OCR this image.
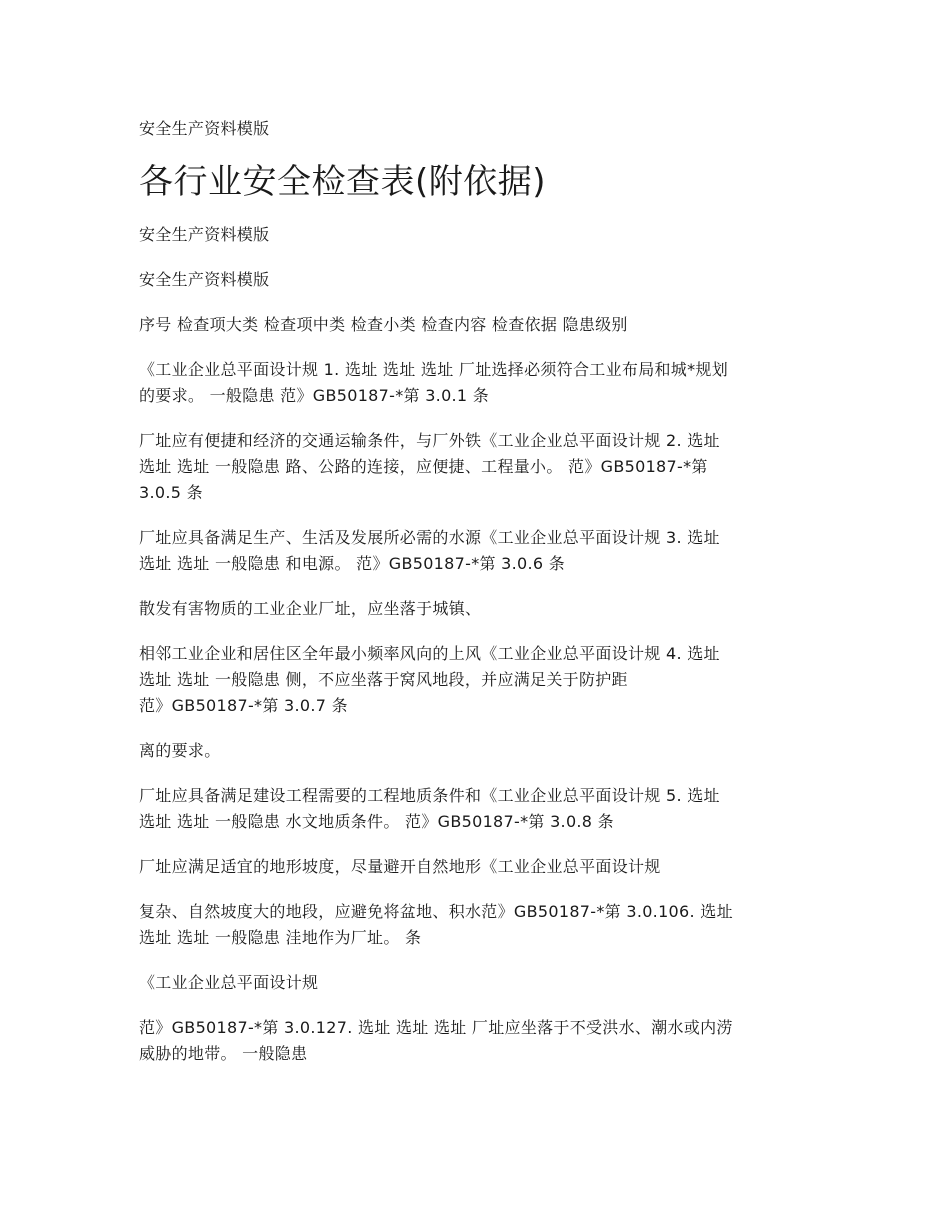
安全生产资料模版
各行业安全检查表(附依据)

安全生产资料模版

安全生产资料模版

序号 检查项大类 检查项中类 检查小类 检查内容 检查依据 隐患级别

《工业企业总平面设计规 1. 选址 选址 选址 厂址选择必须符合工业布局和城*规划
的要求。 一般隐患 范》GB50187-*第 3.0.1 条

厂址应有便捷和经济的交通运输条件，与厂外铁《工业企业总平面设计规 2. 选址
选址 选址 一般隐患 路、公路的连接，应便捷、工程量小。 范》GB50187-*第
3.0.5 条

厂址应具备满足生产、生活及发展所必需的水源《工业企业总平面设计规 3. 选址
选址 选址 一般隐患 和电源。 范》GB50187-*第 3.0.6 条

散发有害物质的工业企业厂址，应坐落于城镇、

相邻工业企业和居住区全年最小频率风向的上风《工业企业总平面设计规 4. 选址
选址 选址 一般隐患 侧，不应坐落于窝风地段，并应满足关于防护距
范》GB50187-*第 3.0.7 条

离的要求。

厂址应具备满足建设工程需要的工程地质条件和《工业企业总平面设计规 5. 选址
选址 选址 一般隐患 水文地质条件。 范》GB50187-*第 3.0.8 条

厂址应满足适宜的地形坡度，尽量避开自然地形《工业企业总平面设计规

复杂、自然坡度大的地段，应避免将盆地、积水范》GB50187-*第 3.0.106. 选址
选址 选址 一般隐患 洼地作为厂址。 条

《工业企业总平面设计规

范》GB50187-*第 3.0.127. 选址 选址 选址 厂址应坐落于不受洪水、潮水或内涝
威胁的地带。 一般隐患
